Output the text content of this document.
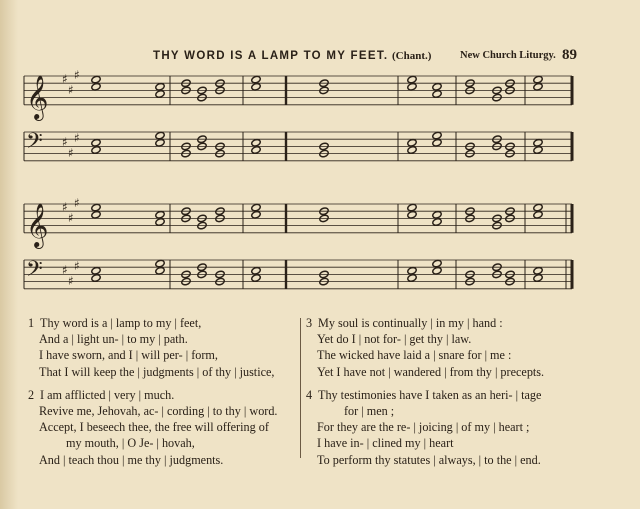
THY WORD IS A LAMP TO MY FEET. (Chant.)	New Church Liturgy. 89
𝄞 ♯
♯
♯
𝄢 ♯
♯
♯
𝄞 ♯
♯
♯
𝄢 ♯
♯
♯
1 Thy word is a | lamp to my | feet,
And a | light un- | to my | path.
I have sworn, and I | will per- | form,
That I will keep the | judgments | of thy | justice,
2 I am afflicted | very | much.
Revive me, Jehovah, ac- | cording | to thy | word.
Accept, I beseech thee, the free will offering of
my mouth, | O Je- | hovah,
And | teach thou | me thy | judgments.
3 My soul is continually | in my | hand :
Yet do I | not for- | get thy | law.
The wicked have laid a | snare for | me :
Yet I have not | wandered | from thy | precepts.
4 Thy testimonies have I taken as an heri- | tage
for | men ;
For they are the re- | joicing | of my | heart ;
I have in- | clined my | heart
To perform thy statutes | always, | to the | end.
